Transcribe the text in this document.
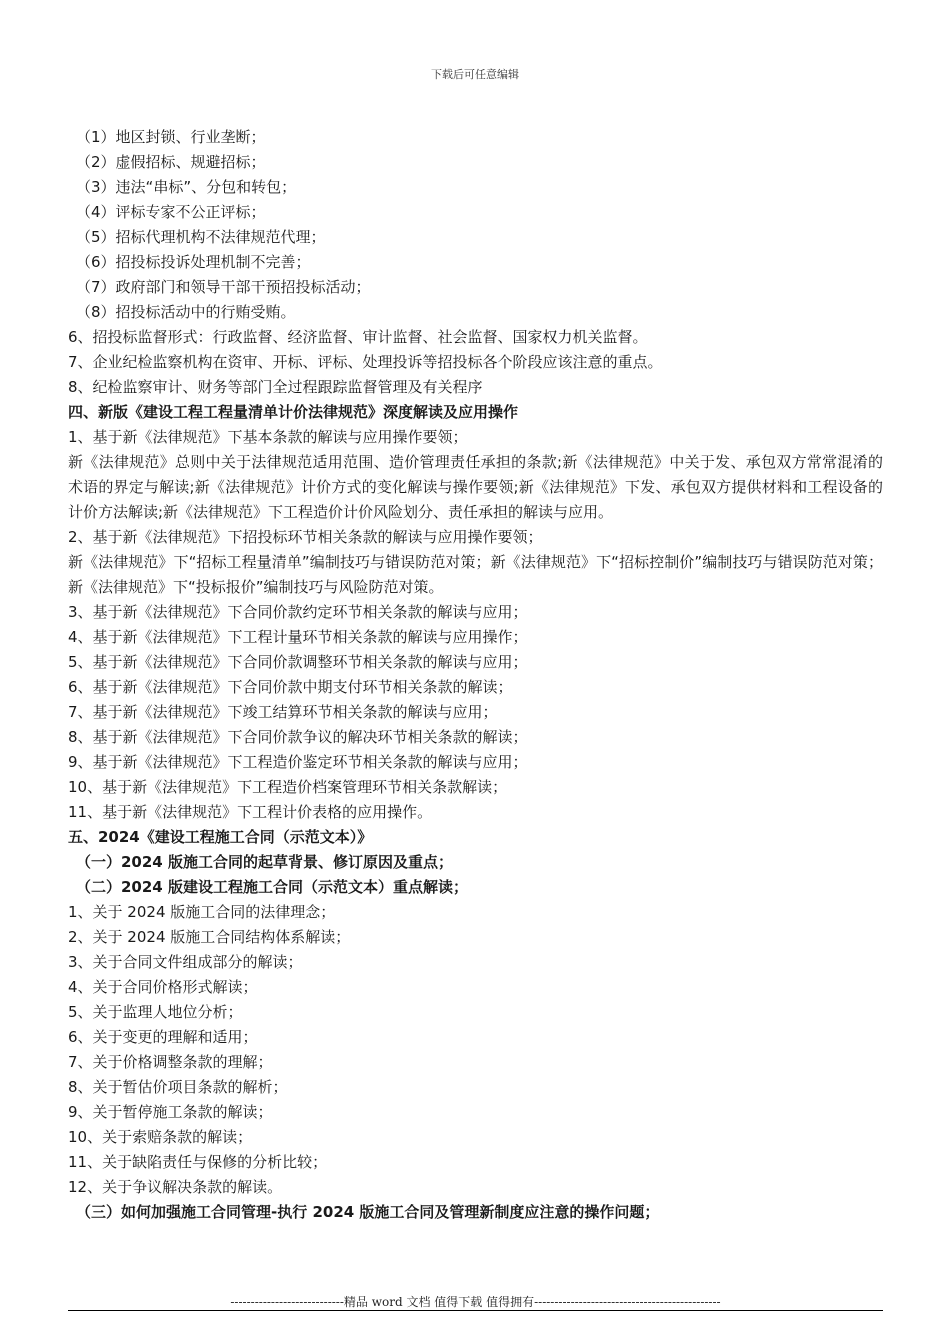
下载后可任意编辑
（1）地区封锁、行业垄断；
（2）虚假招标、规避招标；
（3）违法“串标”、分包和转包；
（4）评标专家不公正评标；
（5）招标代理机构不法律规范代理；
（6）招投标投诉处理机制不完善；
（7）政府部门和领导干部干预招投标活动；
（8）招投标活动中的行贿受贿。
6、招投标监督形式：行政监督、经济监督、审计监督、社会监督、国家权力机关监督。
7、企业纪检监察机构在资审、开标、评标、处理投诉等招投标各个阶段应该注意的重点。
8、纪检监察审计、财务等部门全过程跟踪监督管理及有关程序
四、新版《建设工程工程量清单计价法律规范》深度解读及应用操作
1、基于新《法律规范》下基本条款的解读与应用操作要领；
新《法律规范》总则中关于法律规范适用范围、造价管理责任承担的条款;新《法律规范》中关于发、承包双方常常混淆的术语的界定与解读;新《法律规范》计价方式的变化解读与操作要领;新《法律规范》下发、承包双方提供材料和工程设备的计价方法解读;新《法律规范》下工程造价计价风险划分、责任承担的解读与应用。
2、基于新《法律规范》下招投标环节相关条款的解读与应用操作要领；
新《法律规范》下“招标工程量清单”编制技巧与错误防范对策；新《法律规范》下“招标控制价”编制技巧与错误防范对策；新《法律规范》下“投标报价”编制技巧与风险防范对策。
3、基于新《法律规范》下合同价款约定环节相关条款的解读与应用；
4、基于新《法律规范》下工程计量环节相关条款的解读与应用操作；
5、基于新《法律规范》下合同价款调整环节相关条款的解读与应用；
6、基于新《法律规范》下合同价款中期支付环节相关条款的解读；
7、基于新《法律规范》下竣工结算环节相关条款的解读与应用；
8、基于新《法律规范》下合同价款争议的解决环节相关条款的解读；
9、基于新《法律规范》下工程造价鉴定环节相关条款的解读与应用；
10、基于新《法律规范》下工程造价档案管理环节相关条款解读；
11、基于新《法律规范》下工程计价表格的应用操作。
五、2024《建设工程施工合同（示范文本）》
（一）2024 版施工合同的起草背景、修订原因及重点；
（二）2024 版建设工程施工合同（示范文本）重点解读；
1、关于 2024 版施工合同的法律理念；
2、关于 2024 版施工合同结构体系解读；
3、关于合同文件组成部分的解读；
4、关于合同价格形式解读；
5、关于监理人地位分析；
6、关于变更的理解和适用；
7、关于价格调整条款的理解；
8、关于暂估价项目条款的解析；
9、关于暂停施工条款的解读；
10、关于索赔条款的解读；
11、关于缺陷责任与保修的分析比较；
12、关于争议解决条款的解读。
（三）如何加强施工合同管理-执行 2024 版施工合同及管理新制度应注意的操作问题；
----------------------------精品 word 文档 值得下载 值得拥有----------------------------------------------
